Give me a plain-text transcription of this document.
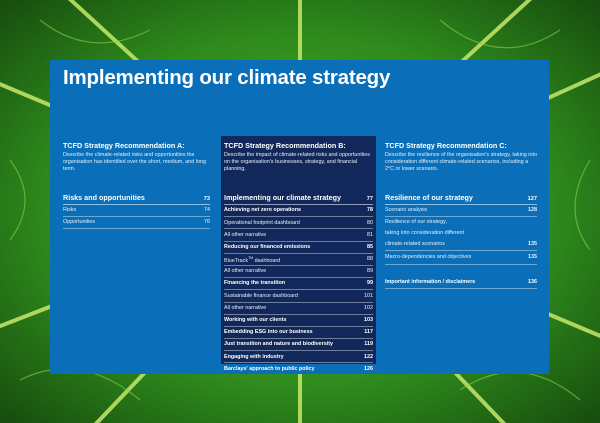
Implementing our climate strategy
TCFD Strategy Recommendation A:
Describe the climate-related risks and opportunities the organisation has identified over the short, medium, and long term.
Risks and opportunities	73
Risks	74
Opportunities	76
TCFD Strategy Recommendation B:
Describe the impact of climate-related risks and opportunities on the organisation's businesses, strategy, and financial planning.
Implementing our climate strategy	77
Achieving net zero operations	78
Operational footprint dashboard	80
All other narrative	81
Reducing our financed emissions	85
BlueTrack™ dashboard	88
All other narrative	89
Financing the transition	99
Sustainable finance dashboard	101
All other narrative	102
Working with our clients	103
Embedding ESG into our business	117
Just transition and nature and biodiversity	119
Engaging with industry	122
Barclays' approach to public policy	126
TCFD Strategy Recommendation C:
Describe the resilience of the organisation's strategy, taking into consideration different climate-related scenarios, including a 2°C or lower scenario.
Resilience of our strategy	127
Scenario analysis	128
Resilience of our strategy,
taking into consideration different
climate-related scenarios	135
Macro-dependencies and objectives	135
Important information / disclaimers	136
